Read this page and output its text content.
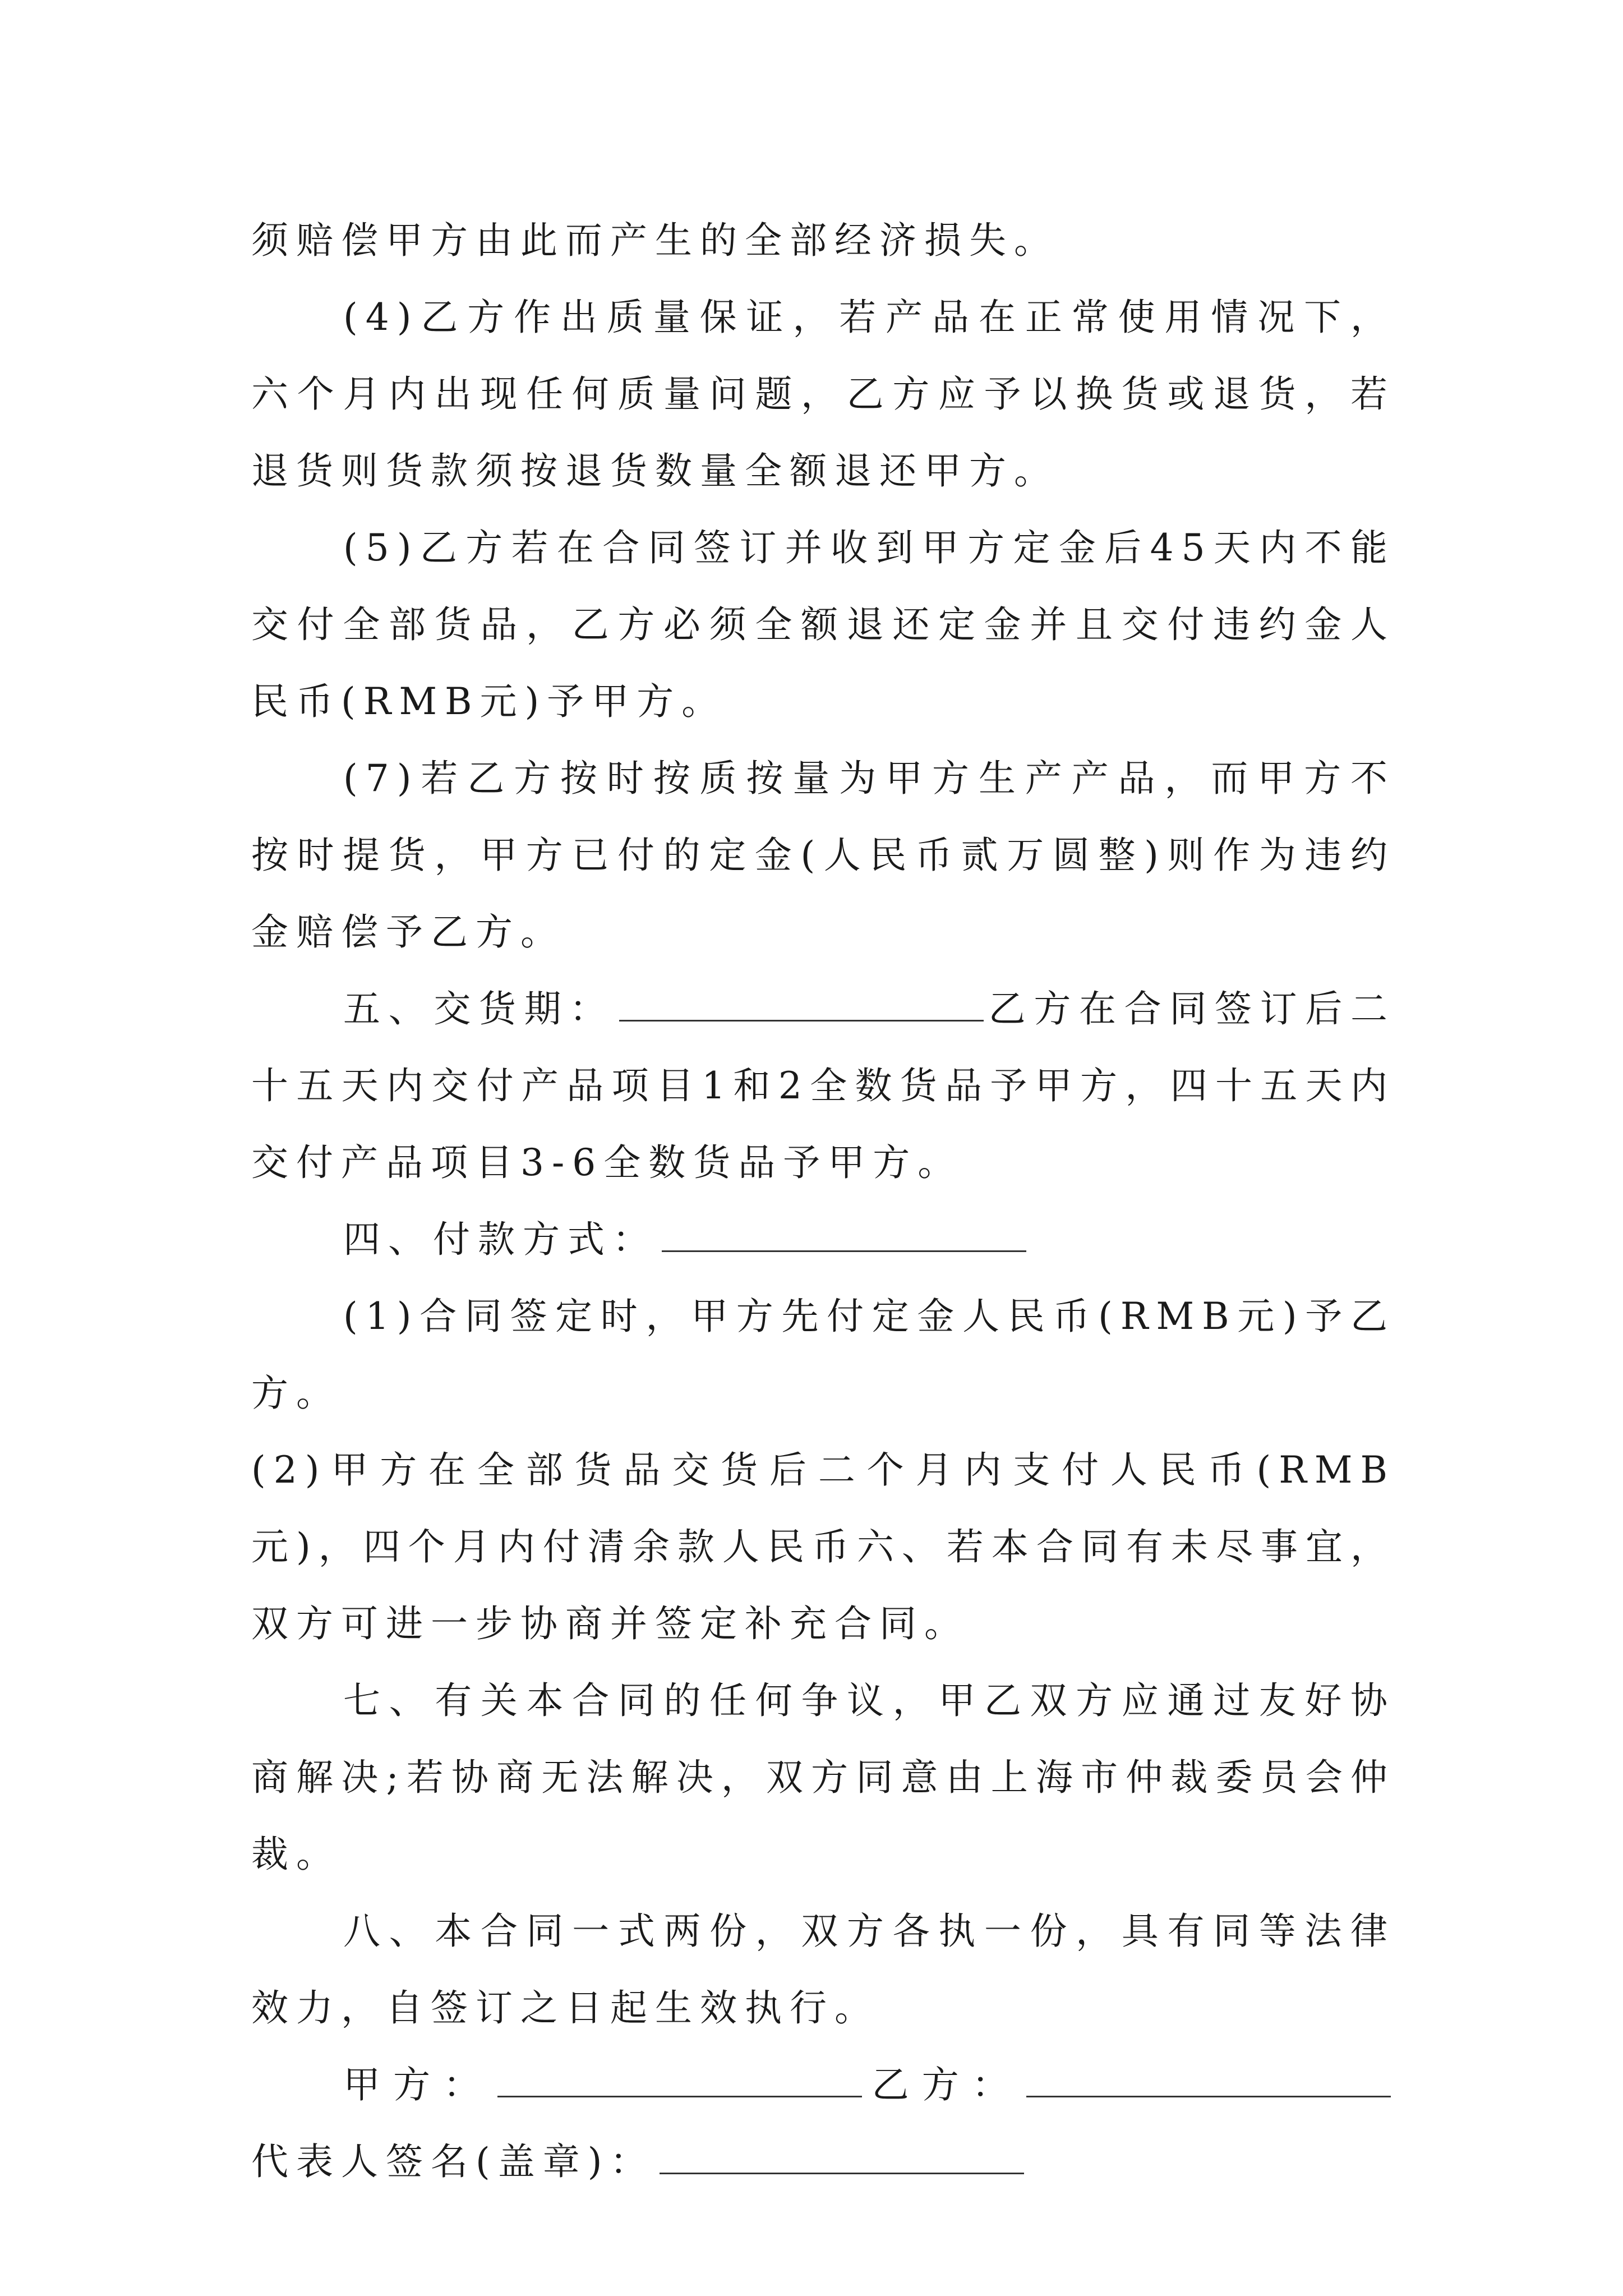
须赔偿甲方由此而产生的全部经济损失。

(4)乙方作出质量保证，若产品在正常使用情况下，六个月内出现任何质量问题，乙方应予以换货或退货，若退货则货款须按退货数量全额退还甲方。

(5)乙方若在合同签订并收到甲方定金后45天内不能交付全部货品，乙方必须全额退还定金并且交付违约金人民币(RMB元)予甲方。

(7)若乙方按时按质按量为甲方生产产品，而甲方不按时提货，甲方已付的定金(人民币贰万圆整)则作为违约金赔偿予乙方。

五、交货期：	乙方在合同签订后二十五天内交付产品项目1和2全数货品予甲方，四十五天内交付产品项目3-6全数货品予甲方。

四、付款方式：

(1)合同签定时，甲方先付定金人民币(RMB元)予乙方。

(2)甲方在全部货品交货后二个月内支付人民币(RMB元)，四个月内付清余款人民币六、若本合同有未尽事宜，双方可进一步协商并签定补充合同。

七、有关本合同的任何争议，甲乙双方应通过友好协商解决;若协商无法解决，双方同意由上海市仲裁委员会仲裁。

八、本合同一式两份，双方各执一份，具有同等法律效力，自签订之日起生效执行。

甲方：	乙方：代表人签名(盖章)：
